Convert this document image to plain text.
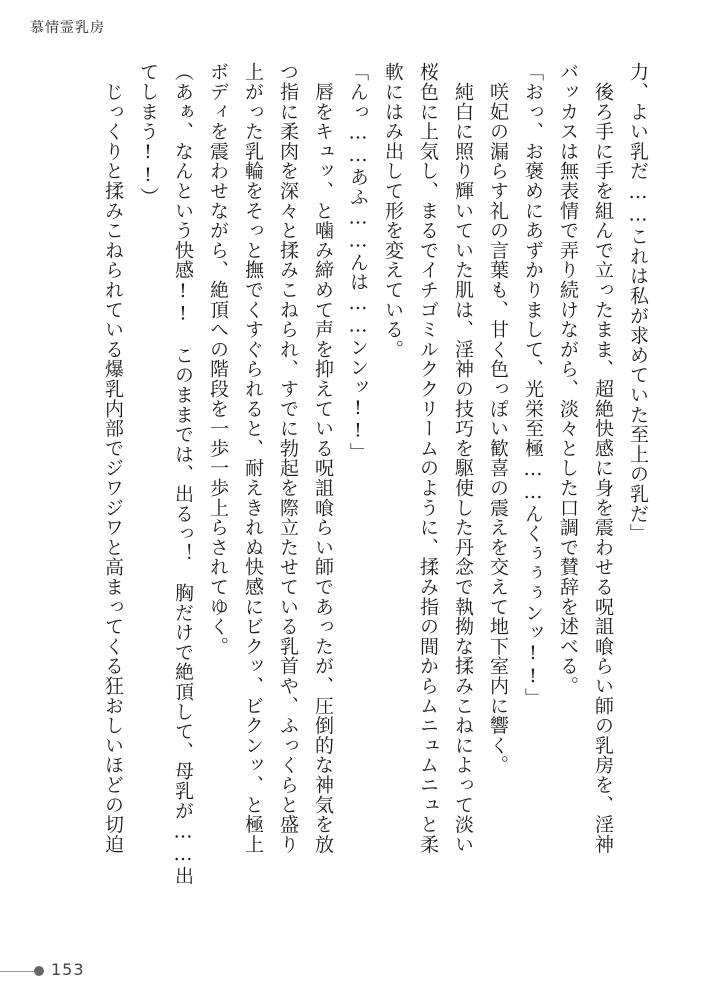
慕情霊乳房
力、よい乳だ……これは私が求めていた至上の乳だ」
　後ろ手に手を組んで立ったまま、超絶快感に身を震わせる呪詛喰らい師の乳房を、淫神
バッカスは無表情で弄り続けながら、淡々とした口調で賛辞を述べる。
「おっ、お褒めにあずかりまして、光栄至極……んくぅぅぅンッ!!」
　咲妃の漏らす礼の言葉も、甘く色っぽい歓喜の震えを交えて地下室内に響く。
　純白に照り輝いていた肌は、淫神の技巧を駆使した丹念で執拗な揉みこねによって淡い
桜色に上気し、まるでイチゴミルククリームのように、揉み指の間からムニュムニュと柔
軟にはみ出して形を変えている。
「んっ……あふ……んは……ンンッ!!」
　唇をキュッ、と噛み締めて声を抑えている呪詛喰らい師であったが、圧倒的な神気を放
つ指に柔肉を深々と揉みこねられ、すでに勃起を際立たせている乳首や、ふっくらと盛り
上がった乳輪をそっと撫でくすぐられると、耐えきれぬ快感にビクッ、ビクンッ、と極上
ボディを震わせながら、絶頂への階段を一歩一歩上らされてゆく。
（あぁ、なんという快感!!　このままでは、出るっ！　胸だけで絶頂して、母乳が……出
てしまう!!）
　じっくりと揉みこねられている爆乳内部でジワジワと高まってくる狂おしいほどの切迫
153
